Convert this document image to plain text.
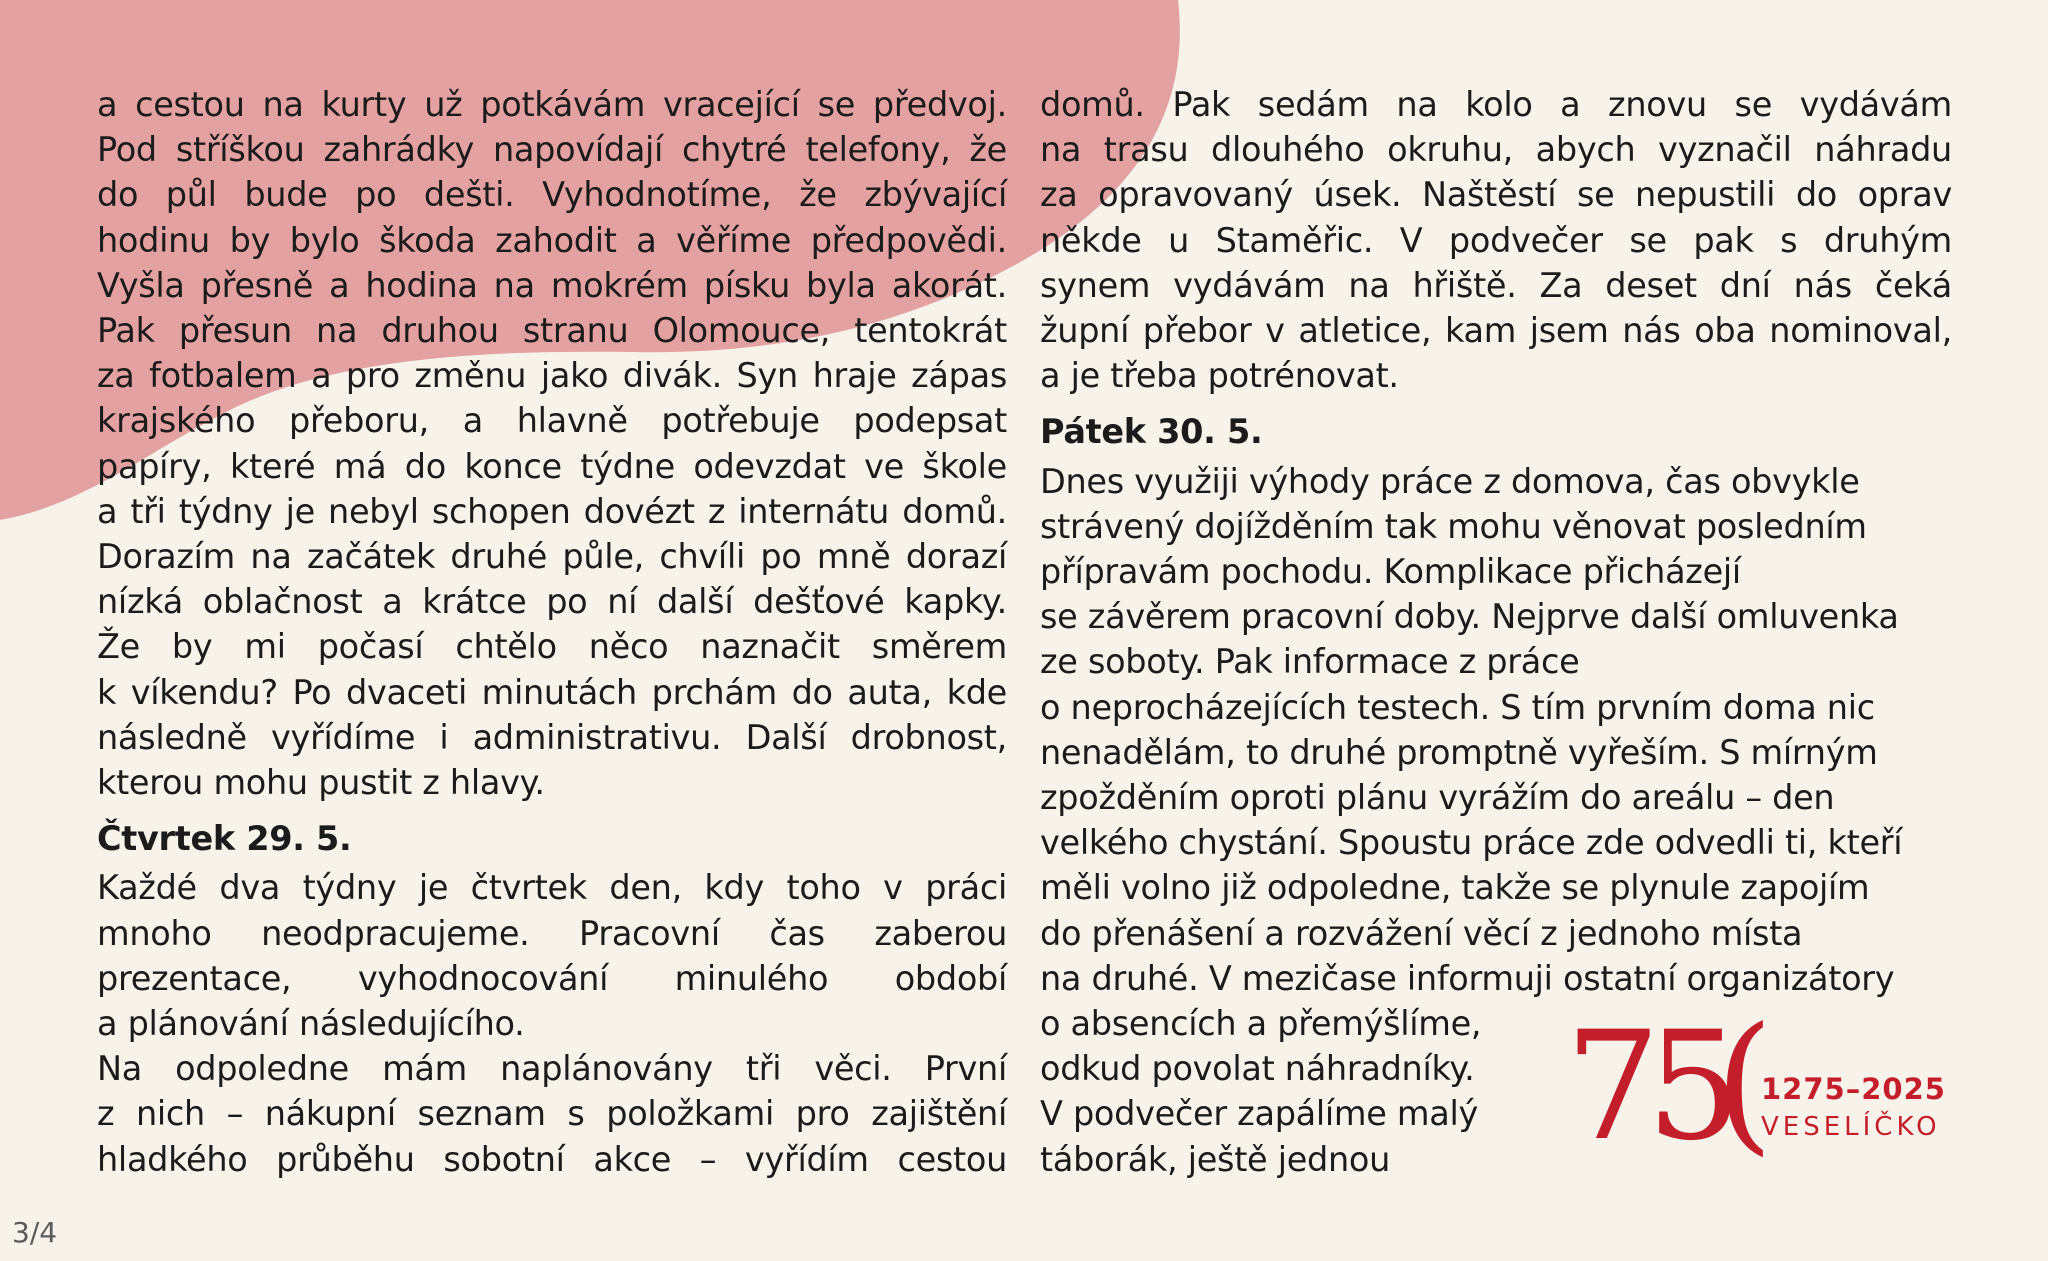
a cestou na kurty už potkávám vracející se předvoj.

Pod stříškou zahrádky napovídají chytré telefony, že

do půl bude po dešti. Vyhodnotíme, že zbývající

hodinu by bylo škoda zahodit a věříme předpovědi.

Vyšla přesně a hodina na mokrém písku byla akorát.

Pak přesun na druhou stranu Olomouce, tentokrát

za fotbalem a pro změnu jako divák. Syn hraje zápas

krajského přeboru, a hlavně potřebuje podepsat

papíry, které má do konce týdne odevzdat ve škole

a tři týdny je nebyl schopen dovézt z internátu domů.

Dorazím na začátek druhé půle, chvíli po mně dorazí

nízká oblačnost a krátce po ní další dešťové kapky.

Že by mi počasí chtělo něco naznačit směrem

k víkendu? Po dvaceti minutách prchám do auta, kde

následně vyřídíme i administrativu. Další drobnost,

kterou mohu pustit z hlavy.

Čtvrtek 29. 5.

Každé dva týdny je čtvrtek den, kdy toho v práci

mnoho neodpracujeme. Pracovní čas zaberou

prezentace, vyhodnocování minulého období

a plánování následujícího.

Na odpoledne mám naplánovány tři věci. První

z nich – nákupní seznam s položkami pro zajištění

hladkého průběhu sobotní akce – vyřídím cestou

domů. Pak sedám na kolo a znovu se vydávám

na trasu dlouhého okruhu, abych vyznačil náhradu

za opravovaný úsek. Naštěstí se nepustili do oprav

někde u Staměřic. V podvečer se pak s druhým

synem vydávám na hřiště. Za deset dní nás čeká

župní přebor v atletice, kam jsem nás oba nominoval,

a je třeba potrénovat.

Pátek 30. 5.

Dnes využiji výhody práce z domova, čas obvykle

strávený dojížděním tak mohu věnovat posledním

přípravám pochodu. Komplikace přicházejí

se závěrem pracovní doby. Nejprve další omluvenka

ze soboty. Pak informace z práce

o neprocházejících testech. S tím prvním doma nic

nenadělám, to druhé promptně vyřeším. S mírným

zpožděním oproti plánu vyrážím do areálu – den

velkého chystání. Spoustu práce zde odvedli ti, kteří

měli volno již odpoledne, takže se plynule zapojím

do přenášení a rozvážení věcí z jednoho místa

na druhé. V mezičase informuji ostatní organizátory

o absencích a přemýšlíme,

odkud povolat náhradníky.

V podvečer zapálíme malý

táborák, ještě jednou	75
(
1275–2025
VESELÍČKO
3/4
